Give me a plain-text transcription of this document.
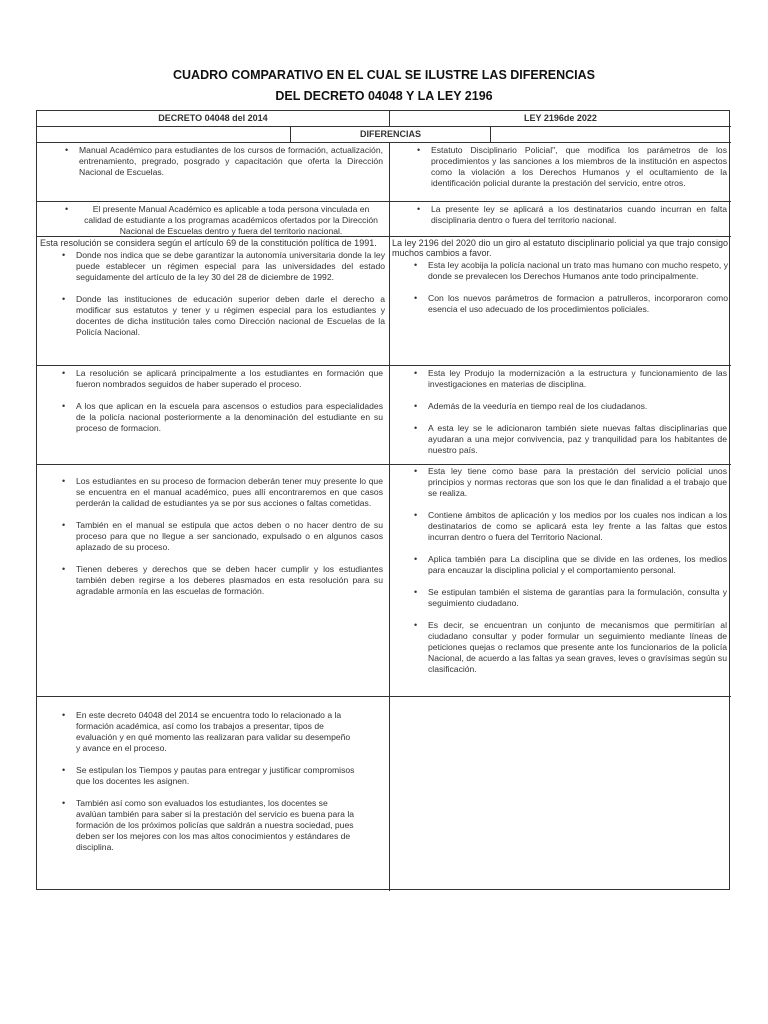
CUADRO COMPARATIVO EN EL CUAL SE ILUSTRE LAS DIFERENCIAS
DEL DECRETO 04048 Y LA LEY 2196
DECRETO 04048 del 2014	LEY 2196de 2022
DIFERENCIAS
• Manual Académico para estudiantes de los cursos de formación, actualización, entrenamiento, pregrado, posgrado y capacitación que oferta la Dirección Nacional de Escuelas.
• Estatuto Disciplinario Policial", que modifica los parámetros de los procedimientos y las sanciones a los miembros de la institución en aspectos como la violación a los Derechos Humanos y el ocultamiento de la identificación policial durante la prestación del servicio, entre otros.
• El presente Manual Académico es aplicable a toda persona vinculada en calidad de estudiante a los programas académicos ofertados por la Dirección Nacional de Escuelas dentro y fuera del territorio nacional.
• La presente ley se aplicará a los destinatarios cuando incurran en falta disciplinaria dentro o fuera del territorio nacional.

Esta resolución se considera según el artículo 69 de la constitución política de 1991.

• Donde nos indica que se debe garantizar la autonomía universitaria donde la ley puede establecer un régimen especial para las universidades del estado seguidamente del artículo de la ley 30 del 28 de diciembre de 1992.
• Donde las instituciones de educación superior deben darle el derecho a modificar sus estatutos y tener y u régimen especial para los estudiantes y docentes de dicha institución tales como Dirección nacional de Escuelas de la Policía Nacional.

La ley 2196 del 2020 dio un giro al estatuto disciplinario policial ya que trajo consigo muchos cambios a favor.

• Esta ley acobija la policía nacional un trato mas humano con mucho respeto, y donde se prevalecen los Derechos Humanos ante todo principalmente.
• Con los nuevos parámetros de formacion a patrulleros, incorporaron como esencia el uso adecuado de los procedimientos policiales.
• La resolución se aplicará principalmente a los estudiantes en formación que fueron nombrados seguidos de haber superado el proceso.
• A los que aplican en la escuela para ascensos o estudios para especialidades de la policía nacional posteriormente a la denominación del estudiante en su proceso de formacion.
• Esta ley Produjo la modernización a la estructura y funcionamiento de las investigaciones en materias de disciplina.
• Además de la veeduría en tiempo real de los ciudadanos.
• A esta ley se le adicionaron también siete nuevas faltas disciplinarias que ayudaran a una mejor convivencia, paz y tranquilidad para los habitantes de nuestro país.
• Los estudiantes en su proceso de formacion deberán tener muy presente lo que se encuentra en el manual académico, pues allí encontraremos en que casos perderán la calidad de estudiantes ya se por sus acciones o faltas cometidas.
• También en el manual se estipula que actos deben o no hacer dentro de su proceso para que no llegue a ser sancionado, expulsado o en algunos casos aplazado de su proceso.
• Tienen deberes y derechos que se deben hacer cumplir y los estudiantes también deben regirse a los deberes plasmados en esta resolución para su agradable armonía en las escuelas de formación.
• Esta ley tiene como base para la prestación del servicio policial unos principios y normas rectoras que son los que le dan finalidad a el trabajo que se realiza.
• Contiene ámbitos de aplicación y los medios por los cuales nos indican a los destinatarios de como se aplicará esta ley frente a las faltas que estos incurran dentro o fuera del Territorio Nacional.
• Aplica también para La disciplina que se divide en las ordenes, los medios para encauzar la disciplina policial y el comportamiento personal.
• Se estipulan también el sistema de garantías para la formulación, consulta y seguimiento ciudadano.
• Es decir, se encuentran un conjunto de mecanismos que permitirían al ciudadano consultar y poder formular un seguimiento mediante líneas de peticiones quejas o reclamos que presente ante los funcionarios de la policía Nacional, de acuerdo a las faltas ya sean graves, leves o gravísimas según su clasificación.
• En este decreto 04048 del 2014 se encuentra todo lo relacionado a la formación académica, así como los trabajos a presentar, tipos de evaluación y en qué momento las realizaran para validar su desempeño y avance en el proceso.
• Se estipulan los Tiempos y pautas para entregar y justificar compromisos que los docentes les asignen.
• También así como son evaluados los estudiantes, los docentes se avalúan también para saber si la prestación del servicio es buena para la formación de los próximos policías que saldrán a nuestra sociedad, pues deben ser los mejores con los mas altos conocimientos y estándares de disciplina.
